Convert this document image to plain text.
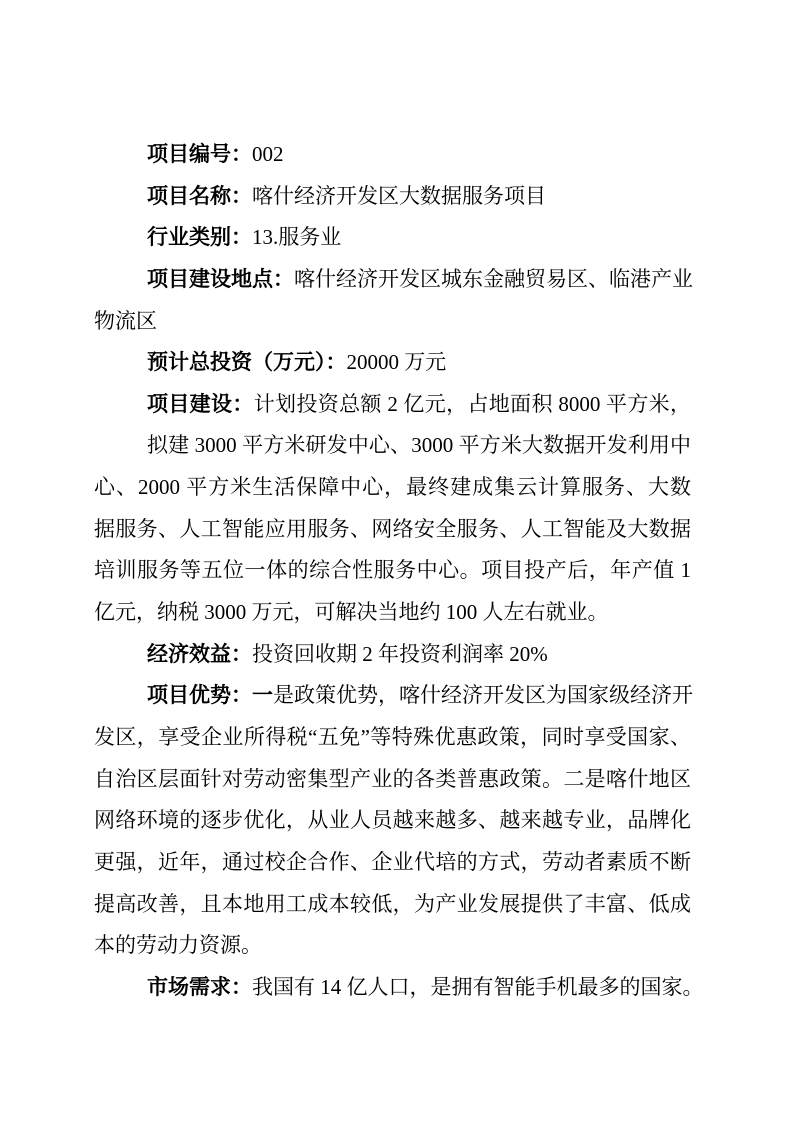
项目编号：002
项目名称：喀什经济开发区大数据服务项目
行业类别：13.服务业
项目建设地点：喀什经济开发区城东金融贸易区、临港产业
物流区
预计总投资（万元）：20000 万元
项目建设：计划投资总额 2 亿元，占地面积 8000 平方米，
拟建 3000 平方米研发中心、3000 平方米大数据开发利用中
心、2000 平方米生活保障中心，最终建成集云计算服务、大数
据服务、人工智能应用服务、网络安全服务、人工智能及大数据
培训服务等五位一体的综合性服务中心。项目投产后，年产值 1
亿元，纳税 3000 万元，可解决当地约 100 人左右就业。
经济效益：投资回收期 2 年投资利润率 20%
项目优势：一是政策优势，喀什经济开发区为国家级经济开
发区，享受企业所得税“五免”等特殊优惠政策，同时享受国家、
自治区层面针对劳动密集型产业的各类普惠政策。二是喀什地区
网络环境的逐步优化，从业人员越来越多、越来越专业，品牌化
更强，近年，通过校企合作、企业代培的方式，劳动者素质不断
提高改善，且本地用工成本较低，为产业发展提供了丰富、低成
本的劳动力资源。
市场需求：我国有 14 亿人口，是拥有智能手机最多的国家。
